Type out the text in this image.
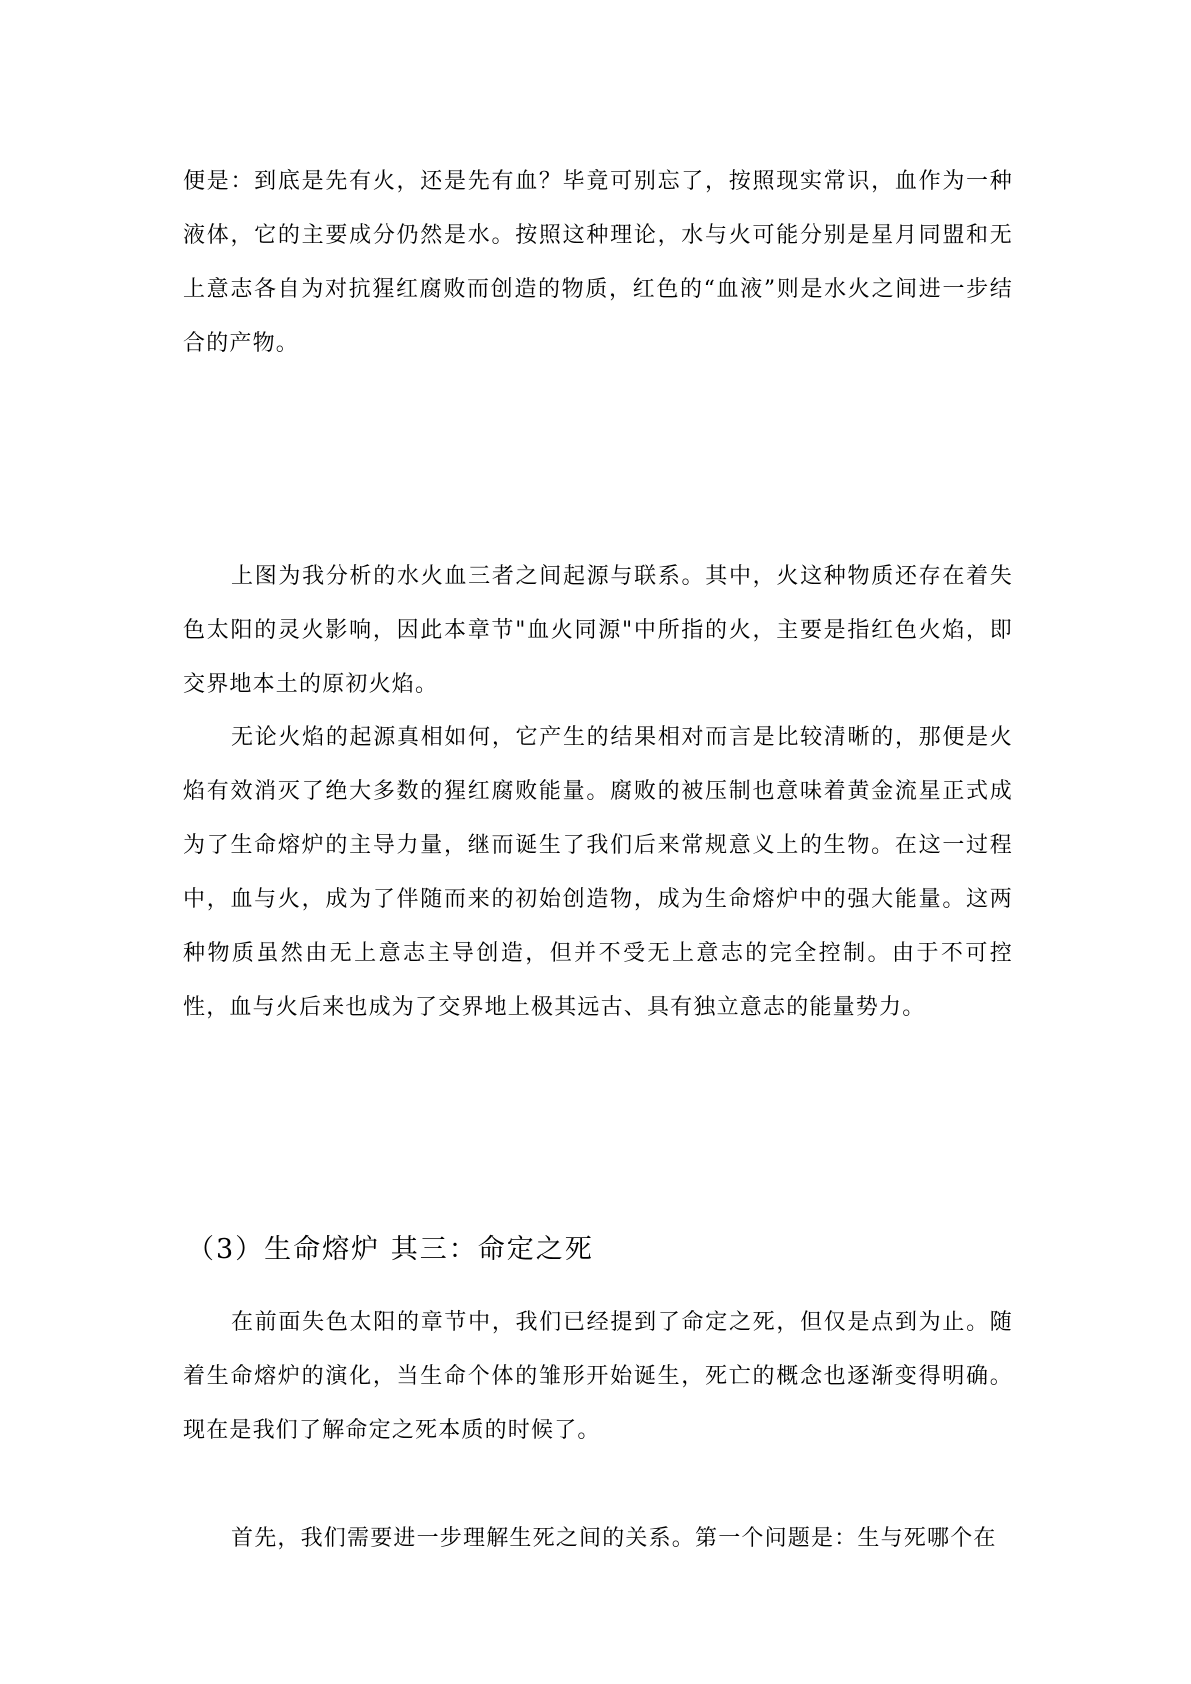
便是：到底是先有火，还是先有血？毕竟可别忘了，按照现实常识，血作为一种液体，它的主要成分仍然是水。按照这种理论，水与火可能分别是星月同盟和无上意志各自为对抗猩红腐败而创造的物质，红色的“血液”则是水火之间进一步结合的产物。

上图为我分析的水火血三者之间起源与联系。其中，火这种物质还存在着失色太阳的灵火影响，因此本章节"血火同源"中所指的火，主要是指红色火焰，即交界地本土的原初火焰。

无论火焰的起源真相如何，它产生的结果相对而言是比较清晰的，那便是火焰有效消灭了绝大多数的猩红腐败能量。腐败的被压制也意味着黄金流星正式成为了生命熔炉的主导力量，继而诞生了我们后来常规意义上的生物。在这一过程中，血与火，成为了伴随而来的初始创造物，成为生命熔炉中的强大能量。这两种物质虽然由无上意志主导创造，但并不受无上意志的完全控制。由于不可控性，血与火后来也成为了交界地上极其远古、具有独立意志的能量势力。

（3）生命熔炉 其三：命定之死

在前面失色太阳的章节中，我们已经提到了命定之死，但仅是点到为止。随着生命熔炉的演化，当生命个体的雏形开始诞生，死亡的概念也逐渐变得明确。现在是我们了解命定之死本质的时候了。

首先，我们需要进一步理解生死之间的关系。第一个问题是：生与死哪个在
